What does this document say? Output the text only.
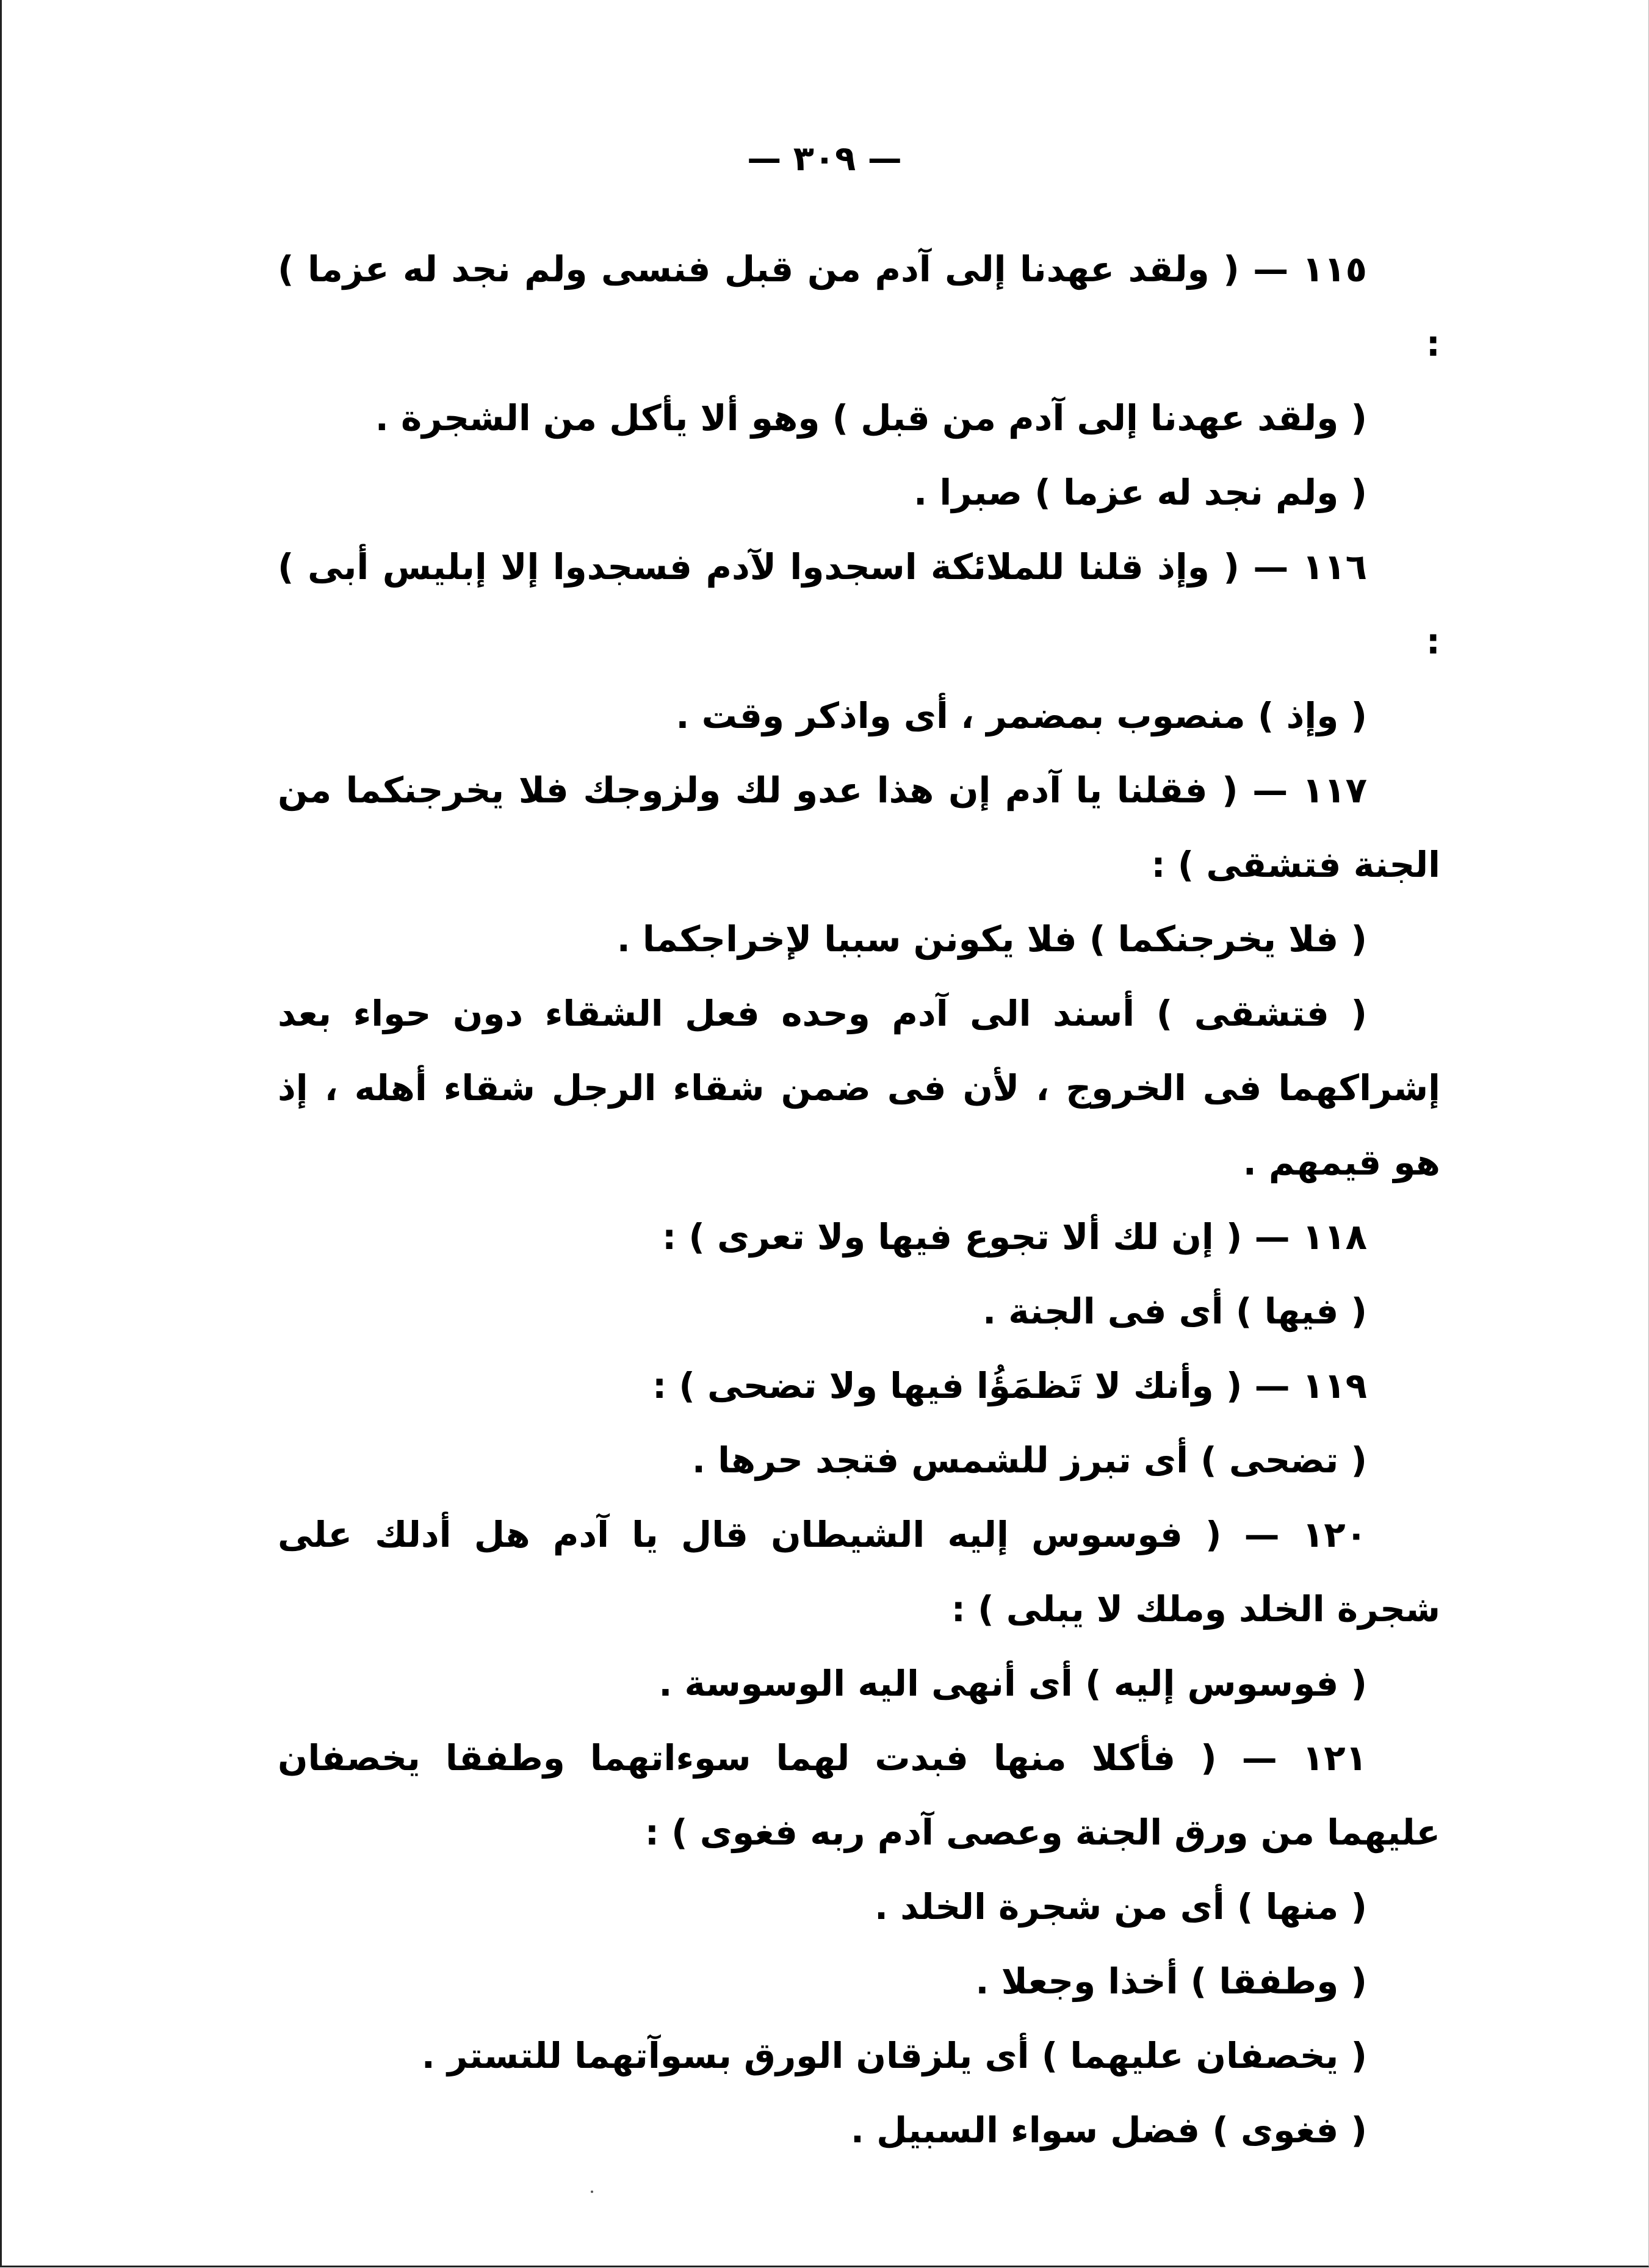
— ٣٠٩ —

١١٥ — ( ولقد عهدنا إلى آدم من قبل فنسى ولم نجد له عزما ) :

( ولقد عهدنا إلى آدم من قبل ) وهو ألا يأكل من الشجرة .

( ولم نجد له عزما ) صبرا .

١١٦ — ( وإذ قلنا للملائكة اسجدوا لآدم فسجدوا إلا إبليس أبى ) :

( وإذ ) منصوب بمضمر ، أى واذكر وقت .

١١٧ — ( فقلنا يا آدم إن هذا عدو لك ولزوجك فلا يخرجنكما من الجنة فتشقى ) :

( فلا يخرجنكما ) فلا يكونن سببا لإخراجكما .

( فتشقى ) أسند الى آدم وحده فعل الشقاء دون حواء بعد إشراكهما فى الخروج ، لأن فى ضمن شقاء الرجل شقاء أهله ، إذ هو قيمهم .

١١٨ — ( إن لك ألا تجوع فيها ولا تعرى ) :

( فيها ) أى فى الجنة .

١١٩ — ( وأنك لا تَظمَؤُا فيها ولا تضحى ) :

( تضحى ) أى تبرز للشمس فتجد حرها .

١٢٠ — ( فوسوس إليه الشيطان قال يا آدم هل أدلك على شجرة الخلد وملك لا يبلى ) :

( فوسوس إليه ) أى أنهى اليه الوسوسة .

١٢١ — ( فأكلا منها فبدت لهما سوءاتهما وطفقا يخصفان عليهما من ورق الجنة وعصى آدم ربه فغوى ) :

( منها ) أى من شجرة الخلد .

( وطفقا ) أخذا وجعلا .

( يخصفان عليهما ) أى يلزقان الورق بسوآتهما للتستر .

( فغوى ) فضل سواء السبيل .
